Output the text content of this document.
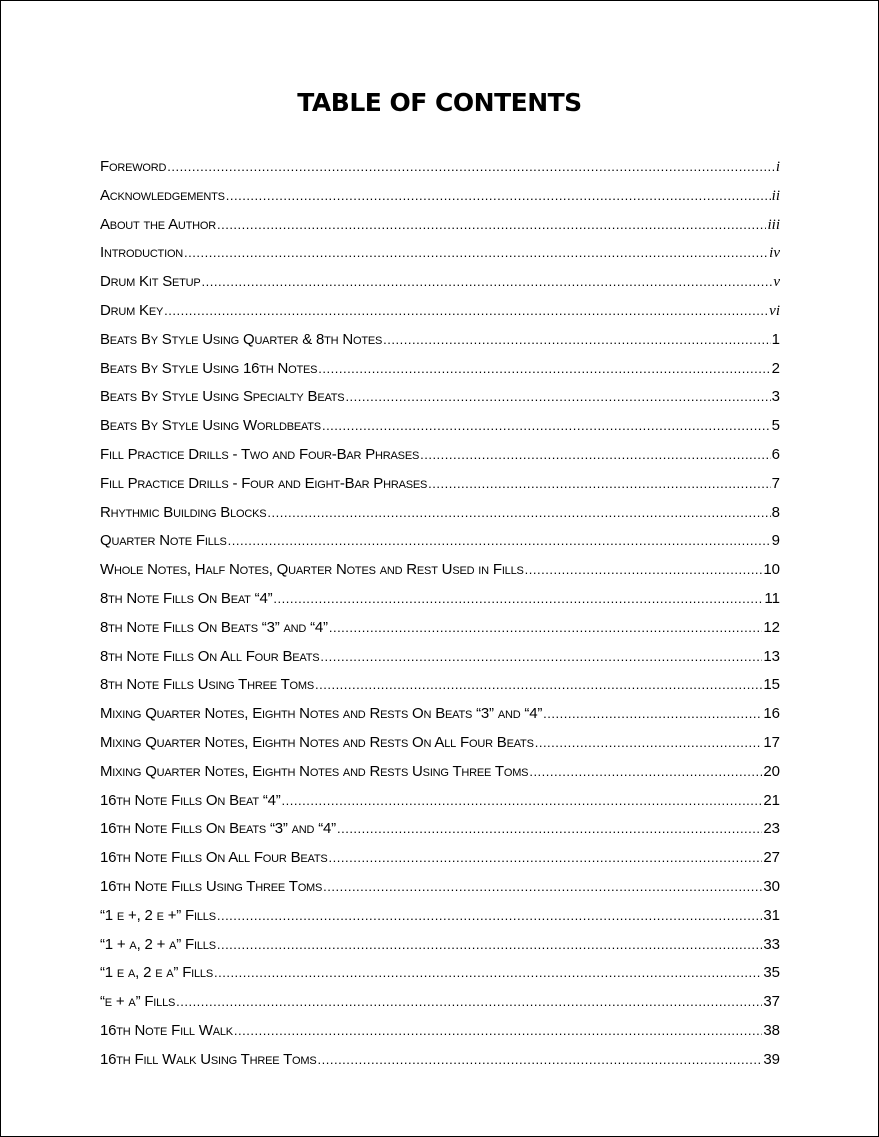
TABLE OF CONTENTS
Foreword .....	i
Acknowledgements .....	ii
About the Author .....	iii
Introduction .....	iv
Drum Kit Setup .....	v
Drum Key .....	vi
Beats By Style Using Quarter & 8th Notes .....	1
Beats By Style Using 16th Notes .....	2
Beats By Style Using Specialty Beats .....	3
Beats By Style Using Worldbeats .....	5
Fill Practice Drills - Two and Four-Bar Phrases .....	6
Fill Practice Drills - Four and Eight-Bar Phrases .....	7
Rhythmic Building Blocks .....	8
Quarter Note Fills .....	9
Whole Notes, Half Notes, Quarter Notes and Rest Used in Fills .....	10
8th Note Fills On Beat “4” .....	11
8th Note Fills On Beats “3” and “4” .....	12
8th Note Fills On All Four Beats .....	13
8th Note Fills Using Three Toms .....	15
Mixing Quarter Notes, Eighth Notes and Rests On Beats “3” and “4” .....	16
Mixing Quarter Notes, Eighth Notes and Rests On All Four Beats .....	17
Mixing Quarter Notes, Eighth Notes and Rests Using Three Toms .....	20
16th Note Fills On Beat “4” .....	21
16th Note Fills On Beats “3” and “4” .....	23
16th Note Fills On All Four Beats .....	27
16th Note Fills Using Three Toms .....	30
“1 e +, 2 e +” Fills .....	31
“1 + a, 2 + a” Fills .....	33
“1 e a, 2 e a” Fills .....	35
“e + a” Fills .....	37
16th Note Fill Walk .....	38
16th Fill Walk Using Three Toms .....	39
